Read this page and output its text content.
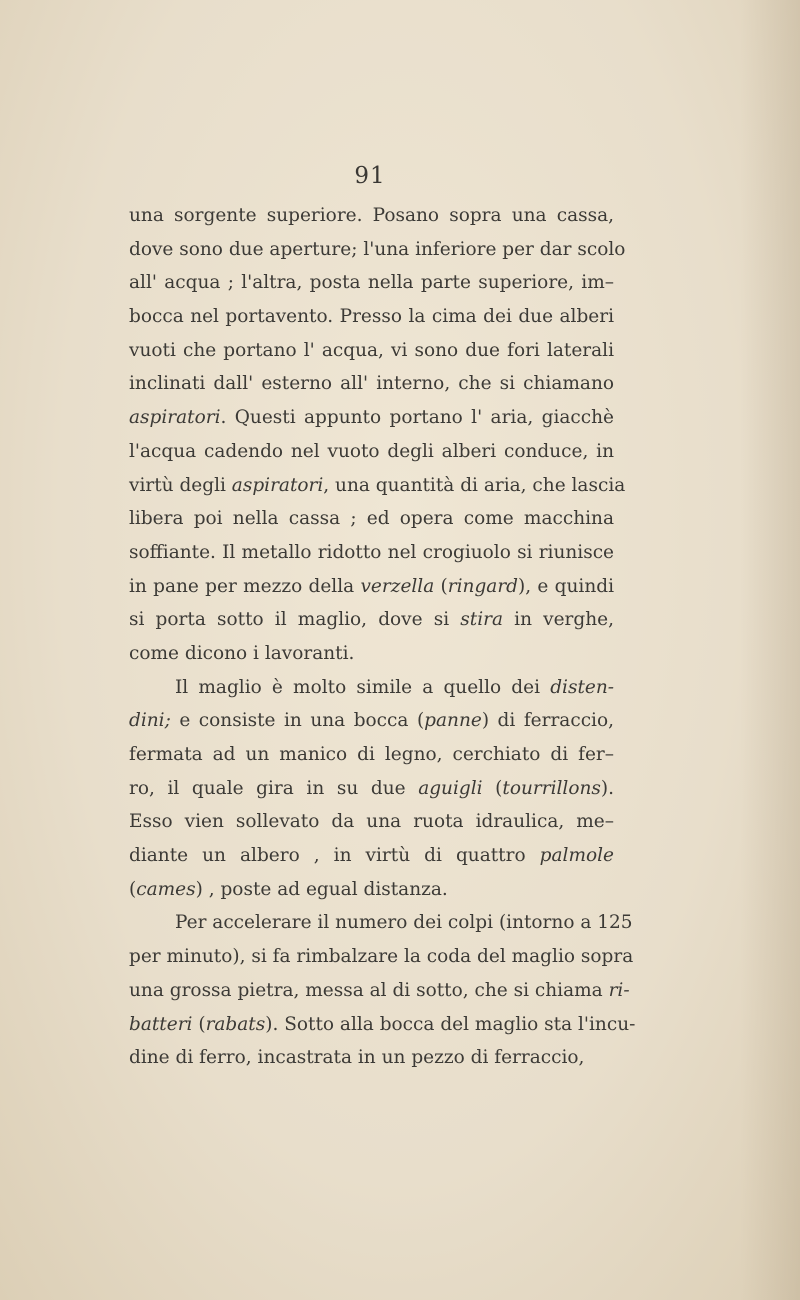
91
una sorgente superiore. Posano sopra una cassa,
dove sono due aperture; l'una inferiore per dar scolo
all' acqua ; l'altra, posta nella parte superiore, im–
bocca nel portavento. Presso la cima dei due alberi
vuoti che portano l' acqua, vi sono due fori laterali
inclinati dall' esterno all' interno, che si chiamano
aspiratori. Questi appunto portano l' aria, giacchè
l'acqua cadendo nel vuoto degli alberi conduce, in
virtù degli aspiratori, una quantità di aria, che lascia
libera poi nella cassa ; ed opera come macchina
soffiante. Il metallo ridotto nel crogiuolo si riunisce
in pane per mezzo della verzella (ringard), e quindi
si porta sotto il maglio, dove si stira in verghe,
come dicono i lavoranti.
Il maglio è molto simile a quello dei disten-
dini; e consiste in una bocca (panne) di ferraccio,
fermata ad un manico di legno, cerchiato di fer–
ro, il quale gira in su due aguigli (tourrillons).
Esso vien sollevato da una ruota idraulica, me–
diante un albero , in virtù di quattro palmole
(cames) , poste ad egual distanza.
Per accelerare il numero dei colpi (intorno a 125
per minuto), si fa rimbalzare la coda del maglio sopra
una grossa pietra, messa al di sotto, che si chiama ri-
batteri (rabats). Sotto alla bocca del maglio sta l'incu-
dine di ferro, incastrata in un pezzo di ferraccio,
